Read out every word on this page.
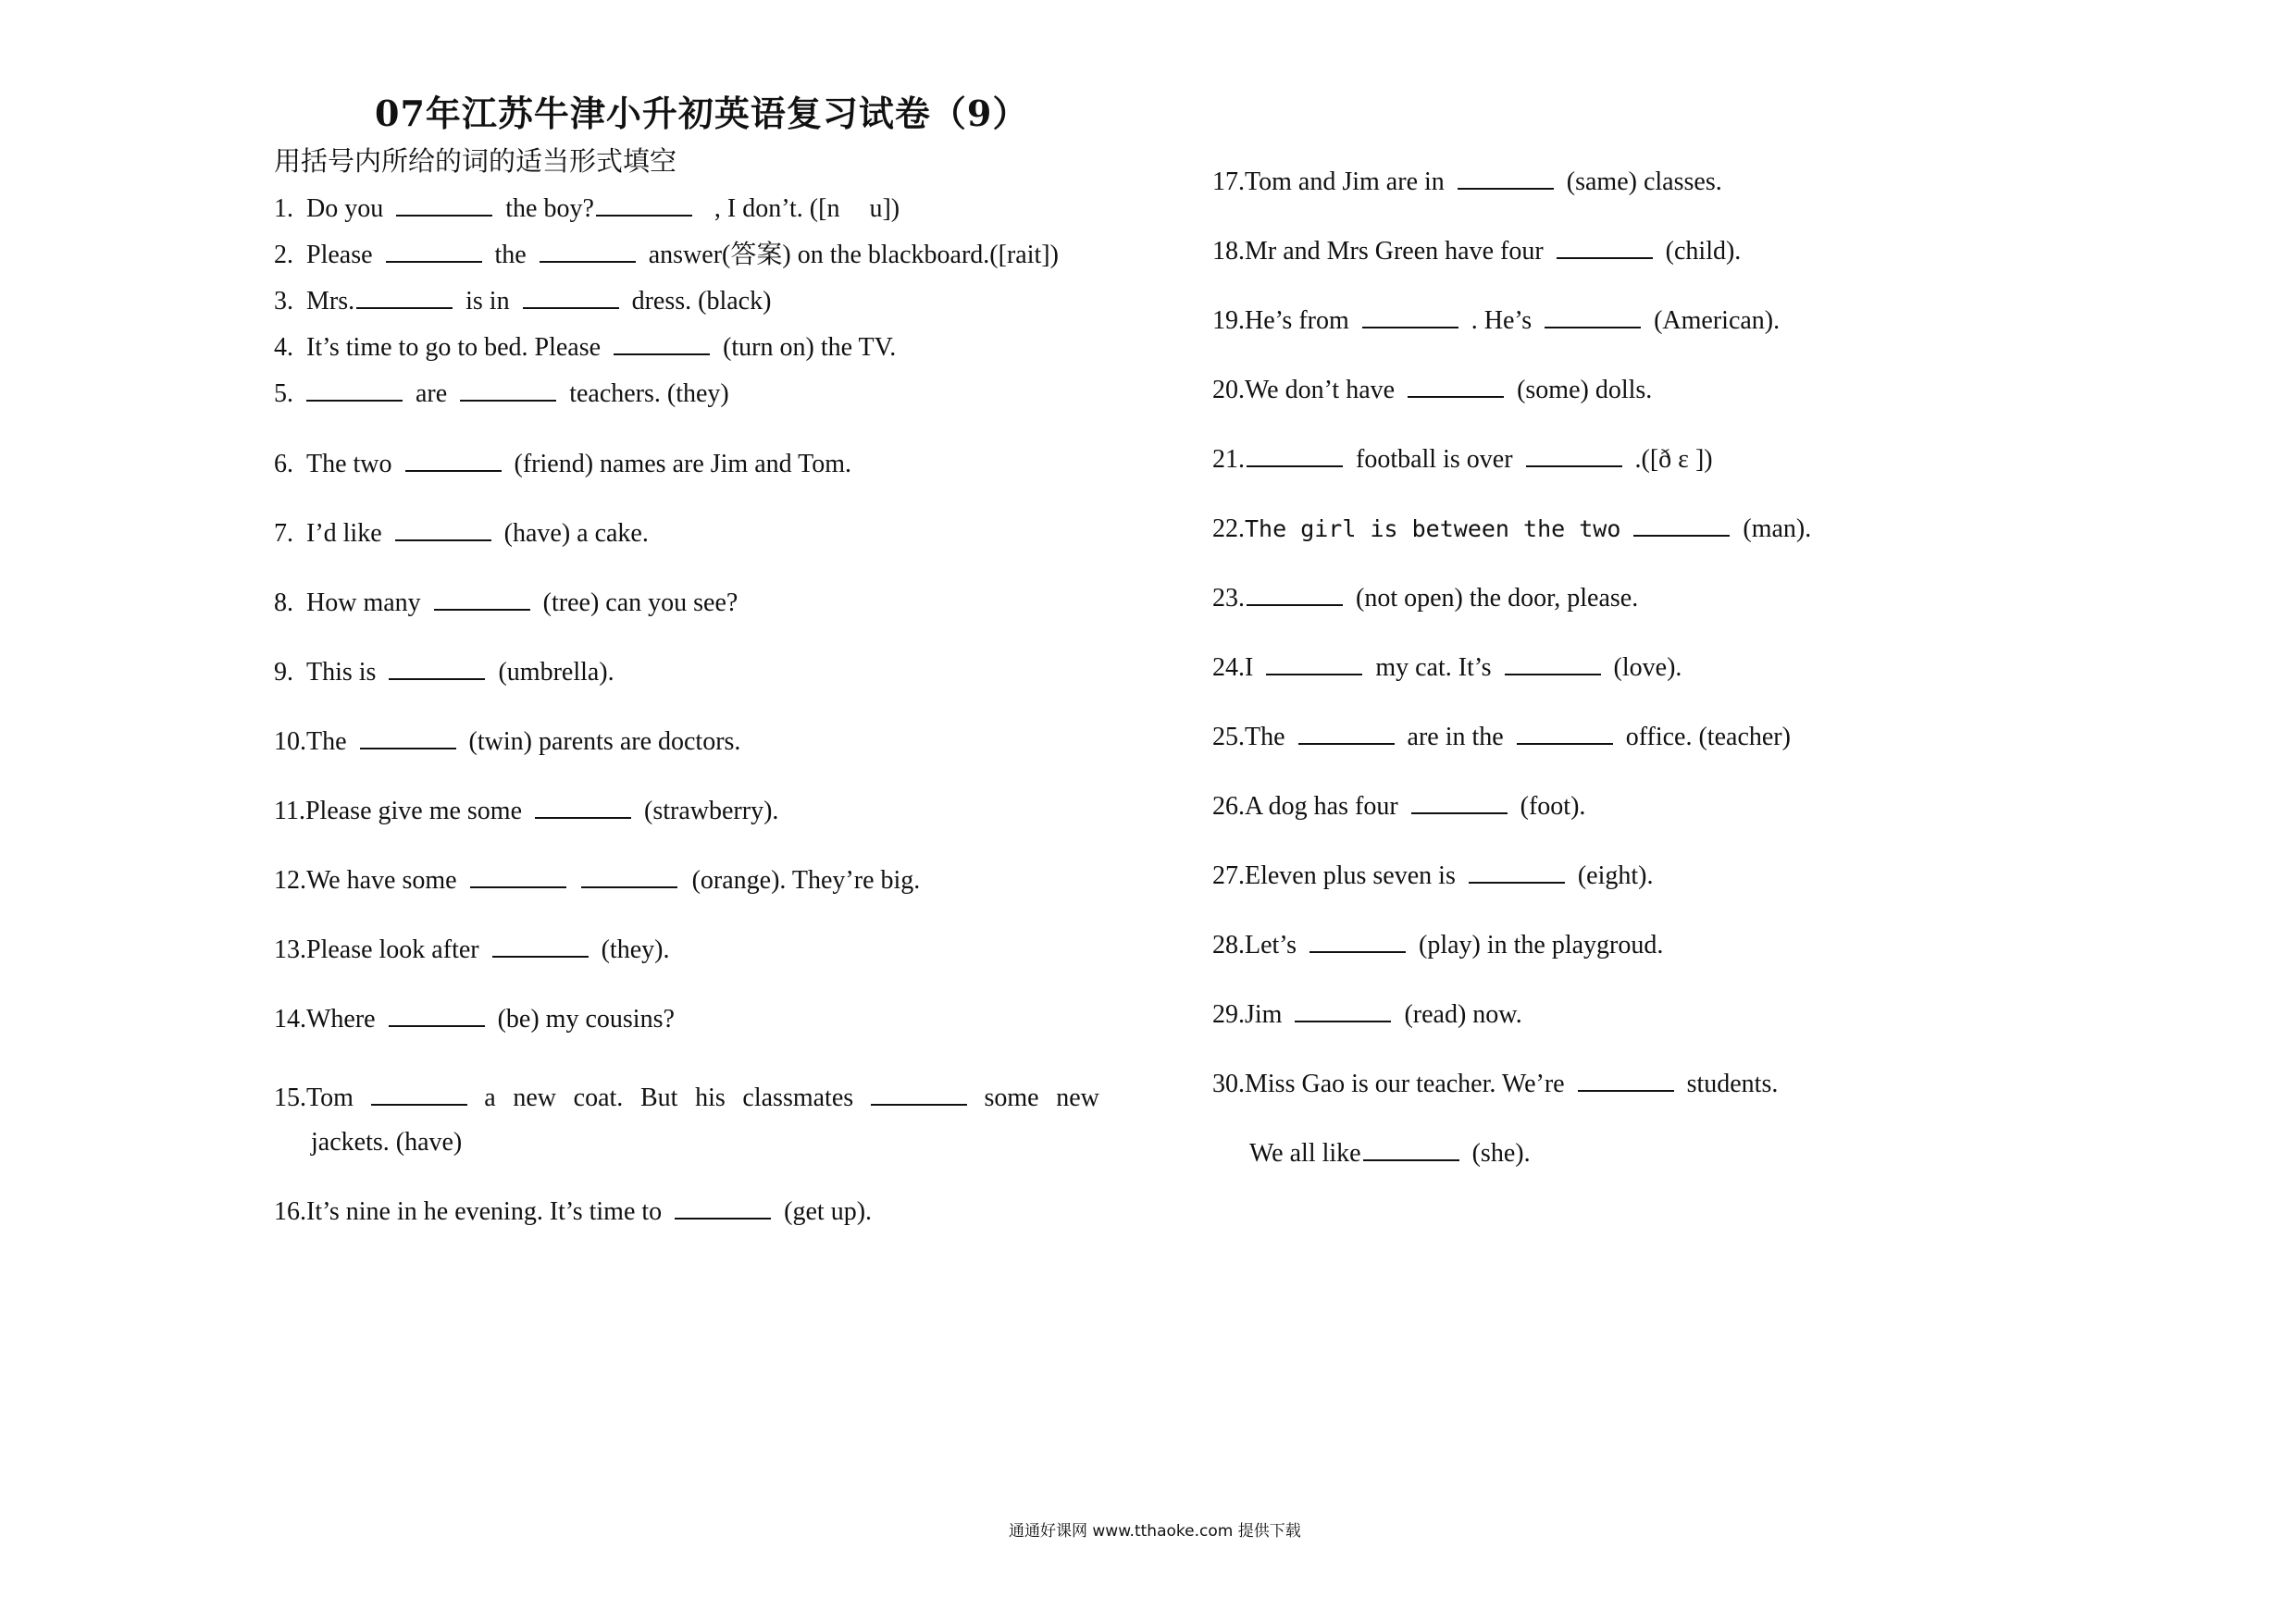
07年江苏牛津小升初英语复习试卷（9）
用括号内所给的词的适当形式填空
1. Do you	the boy?	, I don’t. ([n u])
2. Please	the	answer(答案) on the blackboard.([rait])
3. Mrs.	is in	dress. (black)
4. It’s time to go to bed. Please	(turn on) the TV.
5.	are	teachers. (they)
6. The two	(friend) names are Jim and Tom.
7. I’d like	(have) a cake.
8. How many	(tree) can you see?
9. This is	(umbrella).
10.The	(twin) parents are doctors.
11.Please give me some	(strawberry).
12.We have some	(orange). They’re big.
13.Please look after	(they).
14.Where	(be) my cousins?
15.Tom	a new coat. But his classmates	some new
jackets. (have)
16.It’s nine in he evening. It’s time to	(get up).
17.Tom and Jim are in	(same) classes.
18.Mr and Mrs Green have four	(child).
19.He’s from	. He’s	(American).
20.We don’t have	(some) dolls.
21.	football is over	.([ð ɛ ])
22.The girl is between the two	(man).
23.	(not open) the door, please.
24.I	my cat. It’s	(love).
25.The	are in the	office. (teacher)
26.A dog has four	(foot).
27.Eleven plus seven is	(eight).
28.Let’s	(play) in the playgroud.
29.Jim	(read) now.
30.Miss Gao is our teacher. We’re	students.
We all like	(she).
通通好课网 www.tthaoke.com 提供下载
